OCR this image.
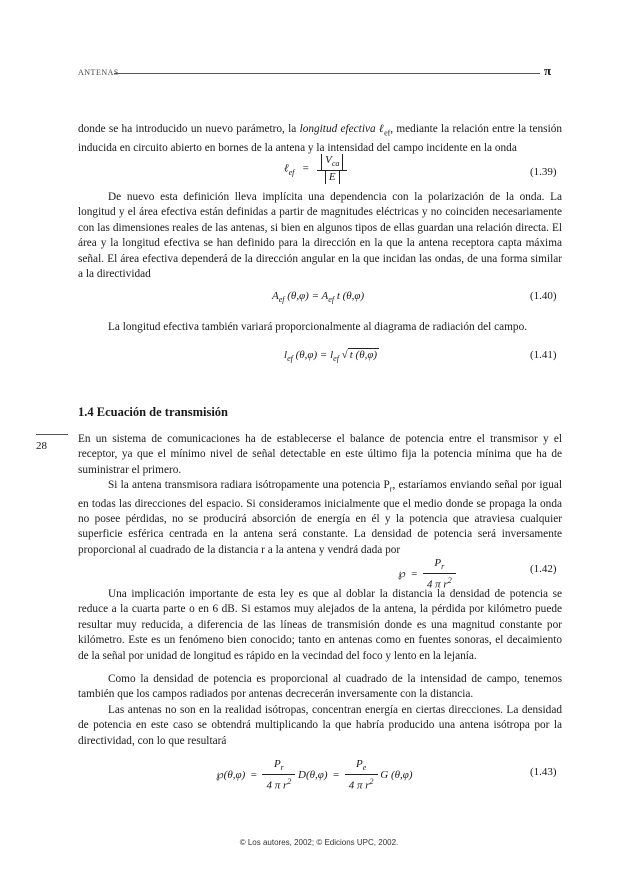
ANTENAS	π

donde se ha introducido un nuevo parámetro, la longitud efectiva ℓ$_{ef}$, mediante la relación entre la tensión inducida en circuito abierto en bornes de la antena y la intensidad del campo incidente en la onda

ℓ$_{ef}$ = $\frac{V_{ca}}{E}$	(1.39)

De nuevo esta definición lleva implícita una dependencia con la polarización de la onda. La longitud y el área efectiva están definidas a partir de magnitudes eléctricas y no coinciden necesariamente con las dimensiones reales de las antenas, si bien en algunos tipos de ellas guardan una relación directa. El área y la longitud efectiva se han definido para la dirección en la que la antena receptora capta máxima señal. El área efectiva dependerá de la dirección angular en la que incidan las ondas, de una forma similar a la directividad

$A_{ef}$ $(\theta,\varphi) = A_{ef}$ t (θ,φ)	(1.40)

La longitud efectiva también variará proporcionalmente al diagrama de radiación del campo.

$l_{ef}$ $(\theta,\varphi) = l_{ef}$ √ t (θ,φ)	(1.41)
1.4 Ecuación de transmisión
28

En un sistema de comunicaciones ha de establecerse el balance de potencia entre el transmisor y el receptor, ya que el mínimo nivel de señal detectable en este último fija la potencia mínima que ha de suministrar el primero.

Si la antena transmisora radiara isótropamente una potencia $P_r$, estaríamos enviando señal por igual en todas las direcciones del espacio. Si consideramos inicialmente que el medio donde se propaga la onda no posee pérdidas, no se producirá absorción de energía en él y la potencia que atraviesa cualquier superficie esférica centrada en la antena será constante. La densidad de potencia será inversamente proporcional al cuadrado de la distancia r a la antena y vendrá dada por

℘ = $\frac{P_r}{4 \pi r^2}$	(1.42)

Una implicación importante de esta ley es que al doblar la distancia la densidad de potencia se reduce a la cuarta parte o en 6 dB. Si estamos muy alejados de la antena, la pérdida por kilómetro puede resultar muy reducida, a diferencia de las líneas de transmisión donde es una magnitud constante por kilómetro. Este es un fenómeno bien conocido; tanto en antenas como en fuentes sonoras, el decaimiento de la señal por unidad de longitud es rápido en la vecindad del foco y lento en la lejanía.

Como la densidad de potencia es proporcional al cuadrado de la intensidad de campo, tenemos también que los campos radiados por antenas decrecerán inversamente con la distancia.

Las antenas no son en la realidad isótropas, concentran energía en ciertas direcciones. La densidad de potencia en este caso se obtendrá multiplicando la que habría producido una antena isótropa por la directividad, con lo que resultará

℘(θ,φ)  = $\frac{P_r}{4 \pi r^2} D(\theta,\varphi) = \frac{P_e}{4 \pi r^2}$ G (θ,φ)	(1.43)
© Los autores, 2002; © Edicions UPC, 2002.
